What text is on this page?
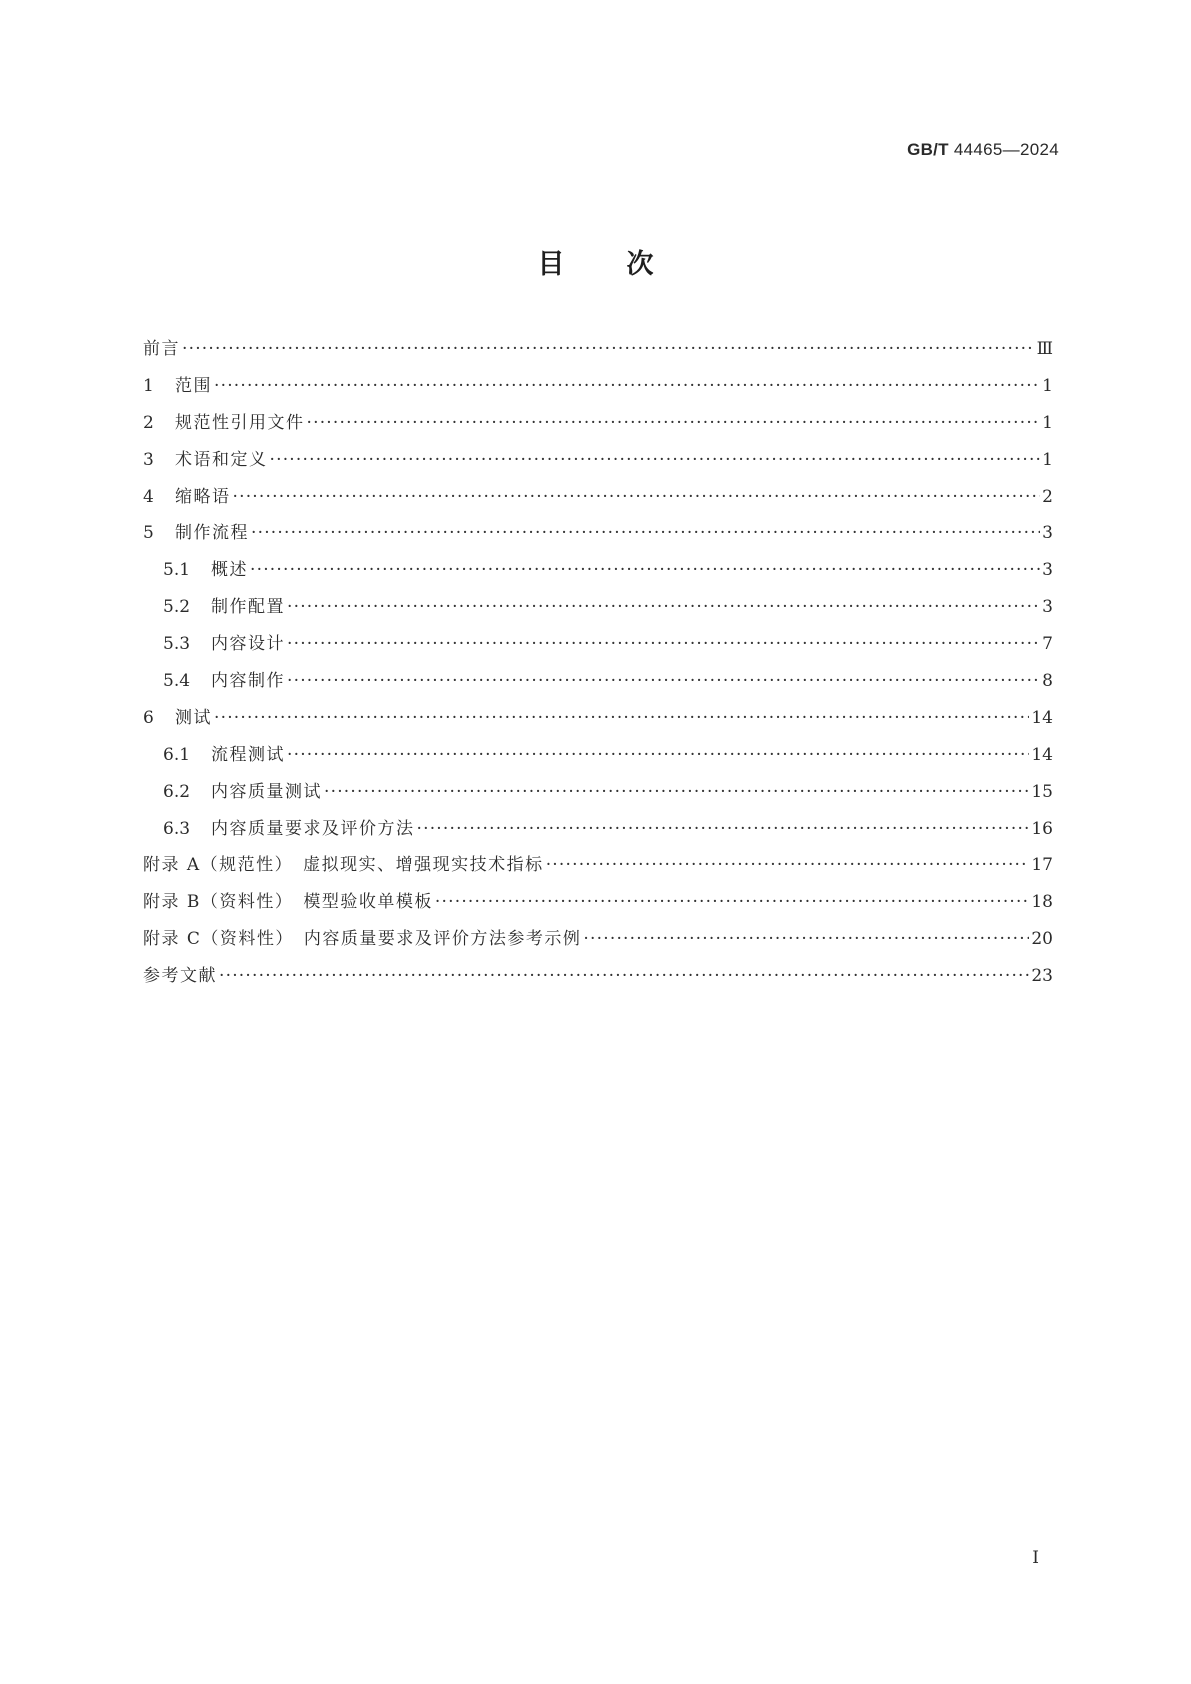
GB/T 44465—2024
目次
前言 ·····	Ⅲ
1	范围 ·····	1
2	规范性引用文件 ·····	1
3	术语和定义 ·····	1
4	缩略语 ·····	2
5	制作流程 ·····	3
5.1	概述 ·····	3
5.2	制作配置 ·····	3
5.3	内容设计 ·····	7
5.4	内容制作 ·····	8
6	测试 ·····	14
6.1	流程测试 ·····	14
6.2	内容质量测试 ·····	15
6.3	内容质量要求及评价方法 ·····	16
附录 A（规范性）　虚拟现实、增强现实技术指标 ·····	17
附录 B（资料性）　模型验收单模板 ·····	18
附录 C（资料性）　内容质量要求及评价方法参考示例 ·····	20
参考文献 ·····	23
I
